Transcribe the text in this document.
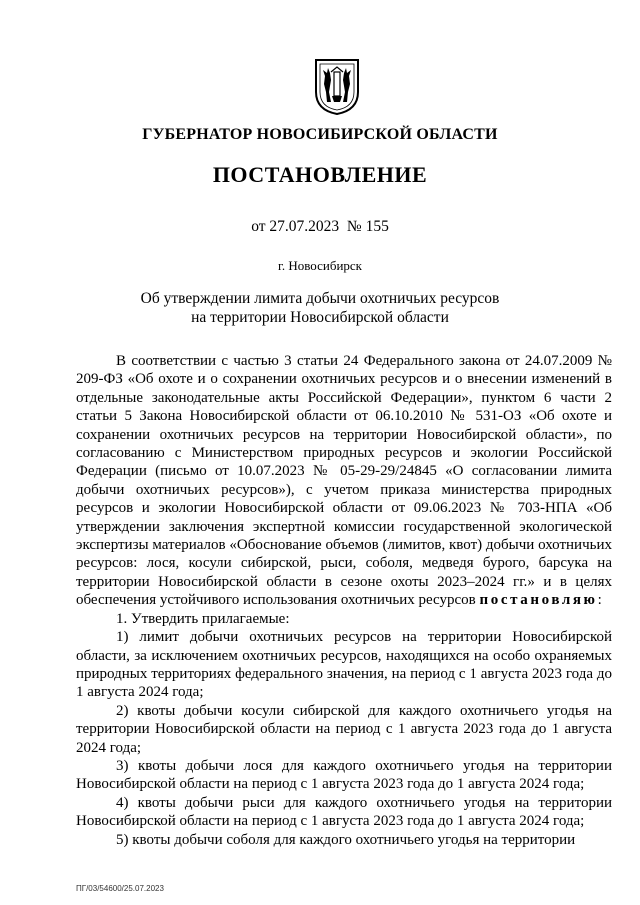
ГУБЕРНАТОР НОВОСИБИРСКОЙ ОБЛАСТИ
ПОСТАНОВЛЕНИЕ
от 27.07.2023  № 155
г. Новосибирск
Об утверждении лимита добычи охотничьих ресурсов
на территории Новосибирской области

В соответствии с частью 3 статьи 24 Федерального закона от 24.07.2009 № 209-ФЗ «Об охоте и о сохранении охотничьих ресурсов и о внесении изменений в отдельные законодательные акты Российской Федерации», пунктом 6 части 2 статьи 5 Закона Новосибирской области от 06.10.2010 № 531-ОЗ «Об охоте и сохранении охотничьих ресурсов на территории Новосибирской области», по согласованию с Министерством природных ресурсов и экологии Российской Федерации (письмо от 10.07.2023 № 05-29-29/24845 «О согласовании лимита добычи охотничьих ресурсов»), с учетом приказа министерства природных ресурсов и экологии Новосибирской области от 09.06.2023 № 703-НПА «Об утверждении заключения экспертной комиссии государственной экологической экспертизы материалов «Обоснование объемов (лимитов, квот) добычи охотничьих ресурсов: лося, косули сибирской, рыси, соболя, медведя бурого, барсука на территории Новосибирской области в сезоне охоты 2023–2024 гг.» и в целях обеспечения устойчивого использования охотничьих ресурсов постановляю:

1. Утвердить прилагаемые:

1) лимит добычи охотничьих ресурсов на территории Новосибирской области, за исключением охотничьих ресурсов, находящихся на особо охраняемых природных территориях федерального значения, на период с 1 августа 2023 года до 1 августа 2024 года;

2) квоты добычи косули сибирской для каждого охотничьего угодья на территории Новосибирской области на период с 1 августа 2023 года до 1 августа 2024 года;

3) квоты добычи лося для каждого охотничьего угодья на территории Новосибирской области на период с 1 августа 2023 года до 1 августа 2024 года;

4) квоты добычи рыси для каждого охотничьего угодья на территории Новосибирской области на период с 1 августа 2023 года до 1 августа 2024 года;

5) квоты добычи соболя для каждого охотничьего угодья на территории

ПГ/03/54600/25.07.2023
